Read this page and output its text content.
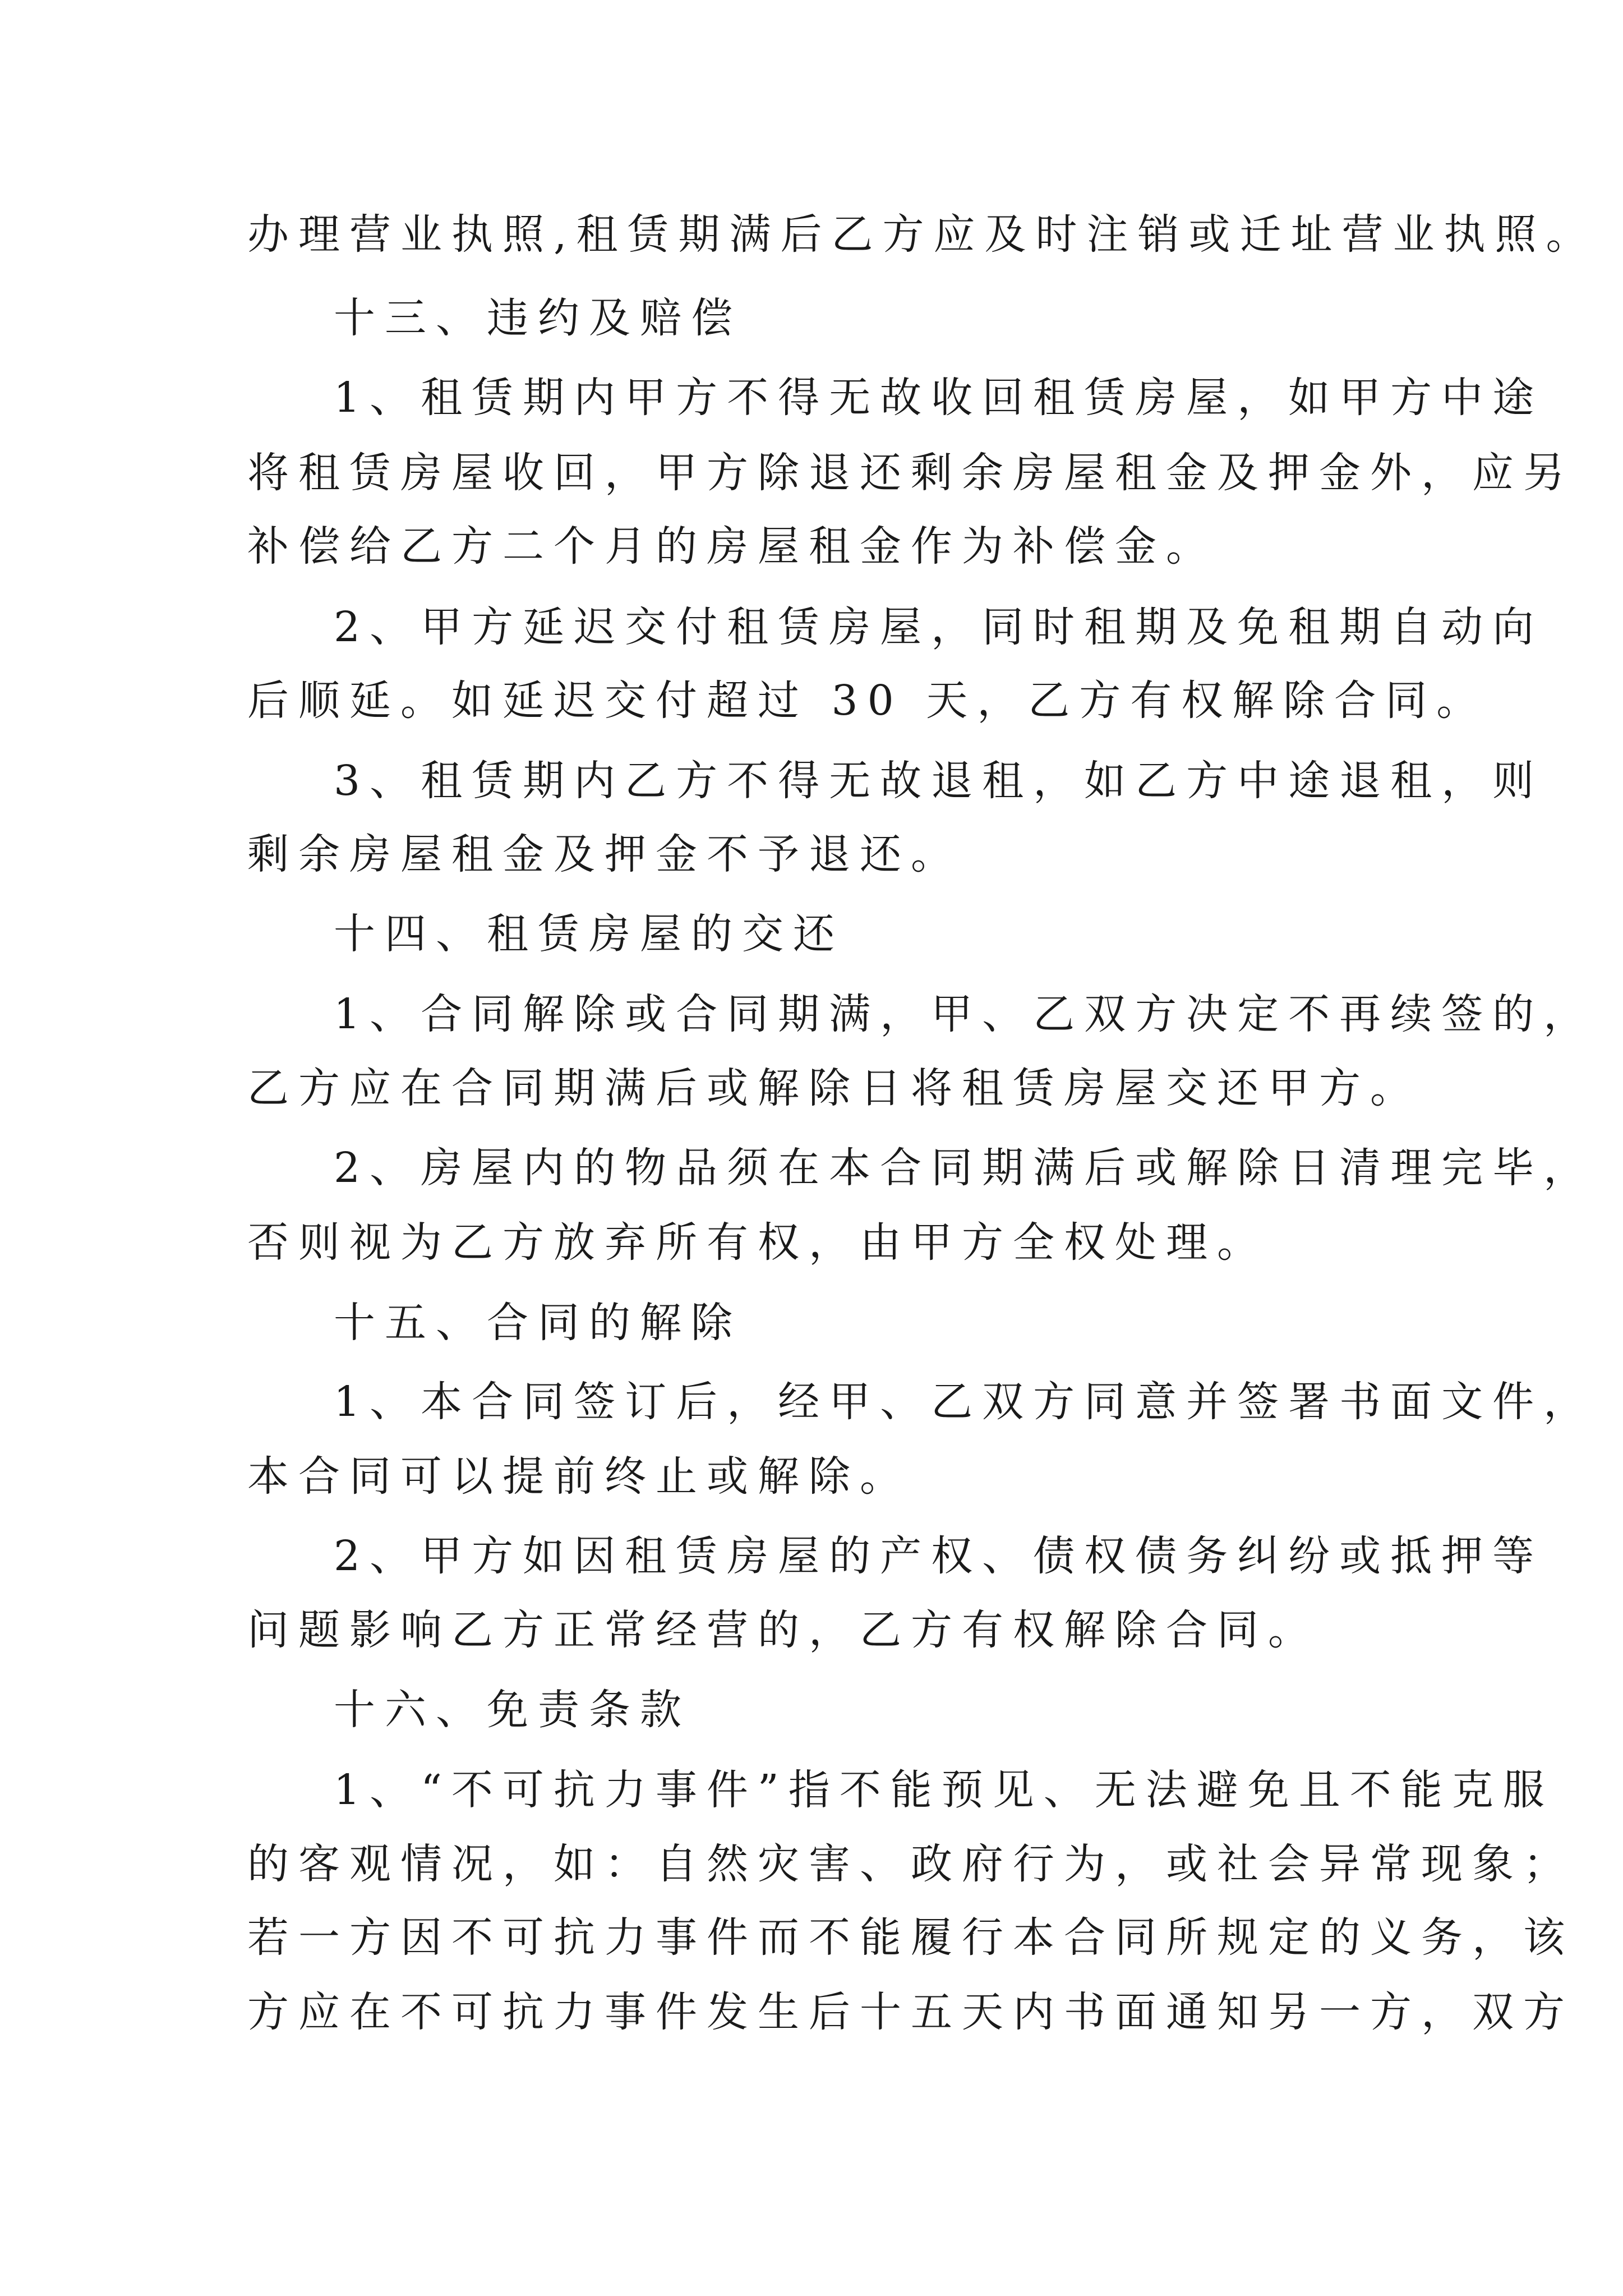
办理营业执照,租赁期满后乙方应及时注销或迁址营业执照。
十三、违约及赔偿
1、租赁期内甲方不得无故收回租赁房屋，如甲方中途
将租赁房屋收回，甲方除退还剩余房屋租金及押金外，应另
补偿给乙方二个月的房屋租金作为补偿金。
2、甲方延迟交付租赁房屋，同时租期及免租期自动向
后顺延。如延迟交付超过 30 天，乙方有权解除合同。
3、租赁期内乙方不得无故退租，如乙方中途退租，则
剩余房屋租金及押金不予退还。
十四、租赁房屋的交还
1、合同解除或合同期满，甲、乙双方决定不再续签的，
乙方应在合同期满后或解除日将租赁房屋交还甲方。
2、房屋内的物品须在本合同期满后或解除日清理完毕，
否则视为乙方放弃所有权，由甲方全权处理。
十五、合同的解除
1、本合同签订后，经甲、乙双方同意并签署书面文件，
本合同可以提前终止或解除。
2、甲方如因租赁房屋的产权、债权债务纠纷或抵押等
问题影响乙方正常经营的，乙方有权解除合同。
十六、免责条款
1、“不可抗力事件”指不能预见、无法避免且不能克服
的客观情况，如：自然灾害、政府行为，或社会异常现象；
若一方因不可抗力事件而不能履行本合同所规定的义务，该
方应在不可抗力事件发生后十五天内书面通知另一方，双方
